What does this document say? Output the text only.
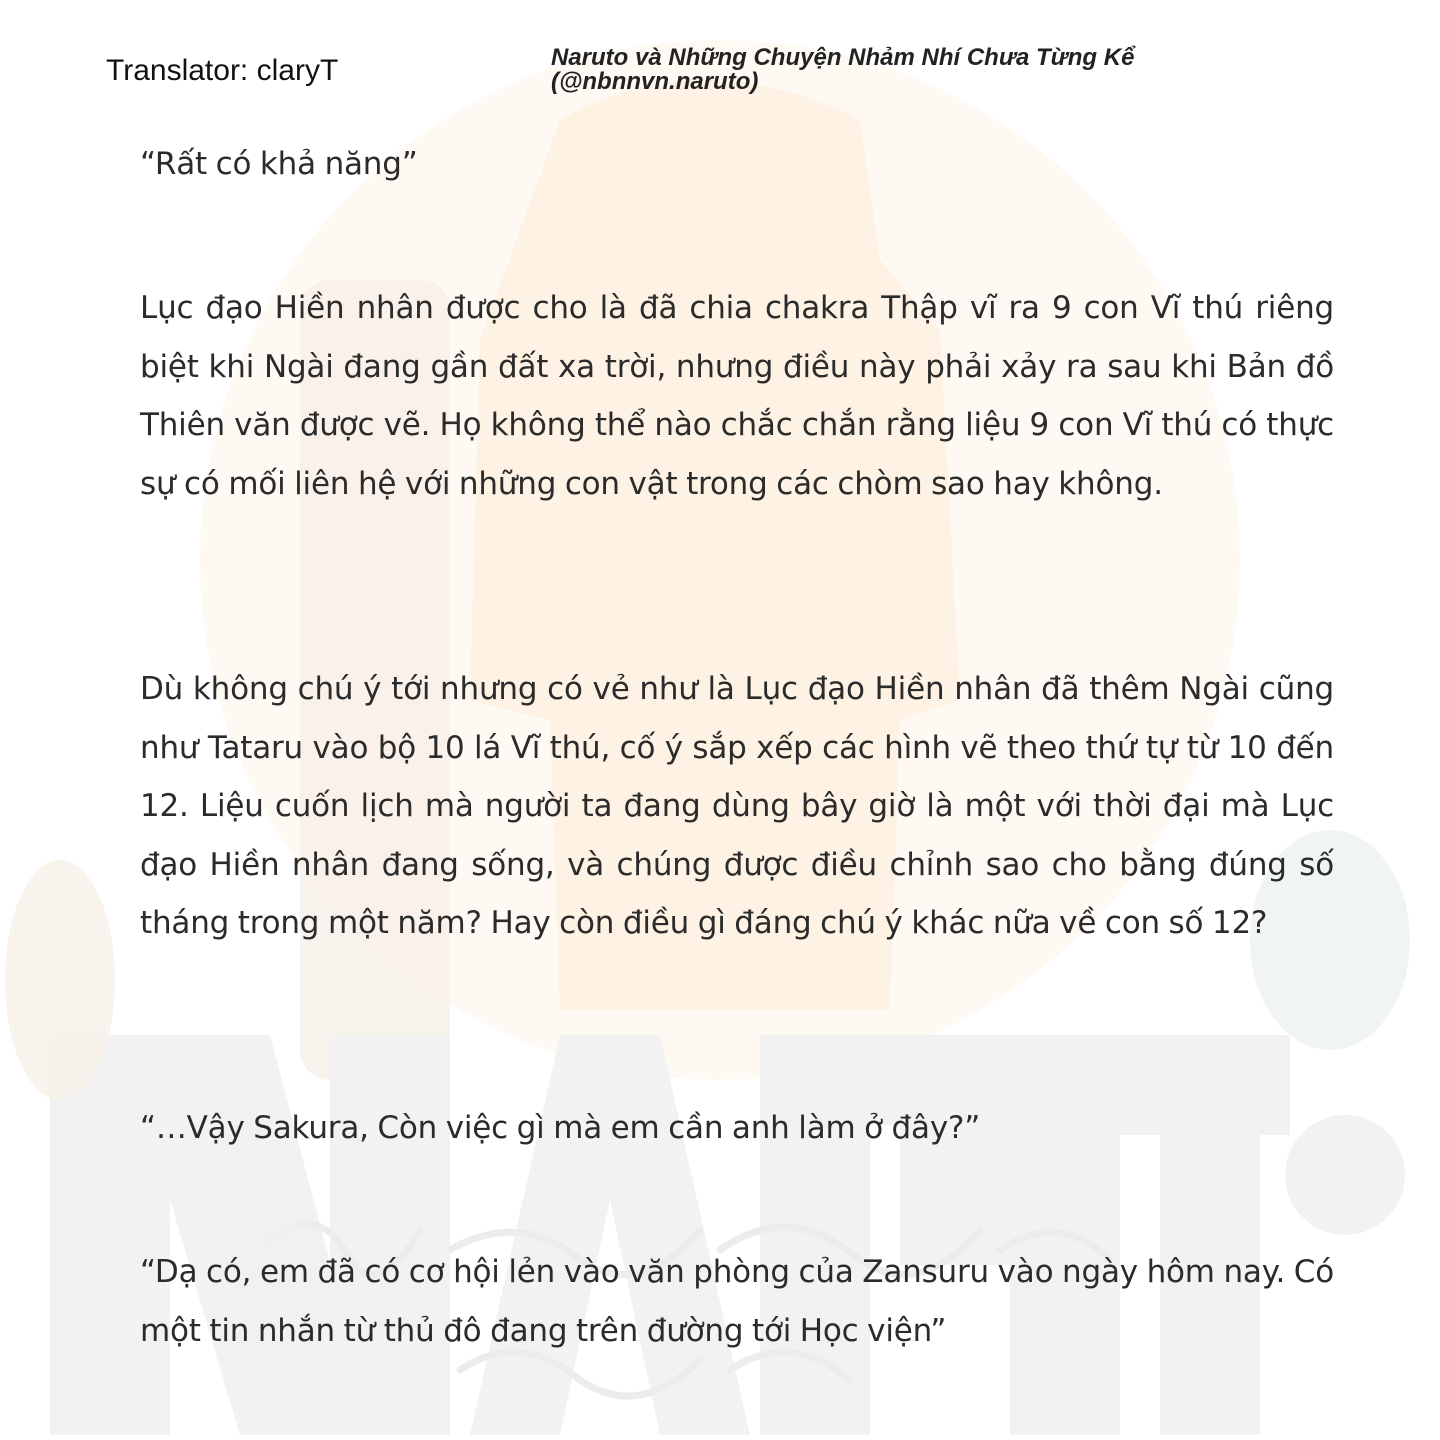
Translator: claryT	Naruto và Những Chuyện Nhảm Nhí Chưa Từng Kể
(@nbnnvn.naruto)

“Rất có khả năng”

Lục đạo Hiền nhân được cho là đã chia chakra Thập vĩ ra 9 con Vĩ thú riêng biệt khi Ngài đang gần đất xa trời, nhưng điều này phải xảy ra sau khi Bản đồ Thiên văn được vẽ. Họ không thể nào chắc chắn rằng liệu 9 con Vĩ thú có thực sự có mối liên hệ với những con vật trong các chòm sao hay không.

Dù không chú ý tới nhưng có vẻ như là Lục đạo Hiền nhân đã thêm Ngài cũng như Tataru vào bộ 10 lá Vĩ thú, cố ý sắp xếp các hình vẽ theo thứ tự từ 10 đến 12. Liệu cuốn lịch mà người ta đang dùng bây giờ là một với thời đại mà Lục đạo Hiền nhân đang sống, và chúng được điều chỉnh sao cho bằng đúng số tháng trong một năm? Hay còn điều gì đáng chú ý khác nữa về con số 12?

“…Vậy Sakura, Còn việc gì mà em cần anh làm ở đây?”

“Dạ có, em đã có cơ hội lẻn vào văn phòng của Zansuru vào ngày hôm nay. Có một tin nhắn từ thủ đô đang trên đường tới Học viện”
